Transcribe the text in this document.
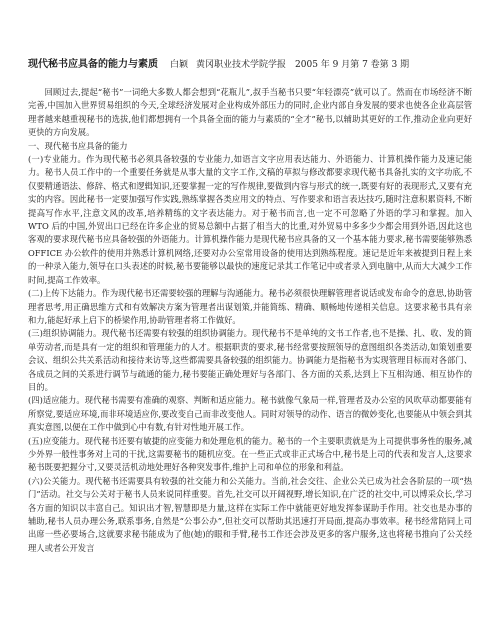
现代秘书应具备的能力与素质 白颖 黄冈职业技术学院学报　2005 年 9 月第 7 卷第 3 期

回顾过去,提起“秘书”一词绝大多数人都会想到“花瓶儿”,叔手当秘书只要“年轻漂亮”就可以了。然而在市场经济不断完善,中国加入世界贸易组织的今天,全球经济发展对企业构成外部压力的同时,企业内部自身发展的要求也使各企业高层管理者越来越重视秘书的选拔,他们都想拥有一个具备全面的能力与素质的“全才”秘书,以辅助其更好的工作,推动企业向更好更快的方向发展。

一、现代秘书应具备的能力

(一)专业能力。作为现代秘书必须具备较强的专业能力,如语言文字应用表达能力、外语能力、计算机操作能力及速记能力。秘书人员工作中的一个重要任务就是从事大量的文字工作,文稿的草拟与修改都要求现代秘书具备扎实的文字功底,不仅要精通语法、修辞、格式和逻辑知识,还要掌握一定的写作规律,要做到内容与形式的统一,既要有好的表现形式,又要有充实的内容。因此秘书一定要加强写作实践,熟练掌握各类应用文的特点、写作要求和语言表达技巧,随时注意积累资料,不断提高写作水平,注意文风的改革,培养精练的文字表达能力。对于秘书而言,也一定不可忽略了外语的学习和掌握。加入 WTO 后的中国,外贸出口已经在许多企业的贸易总额中占据了相当大的比重,对外贸易中多多少少都会用到外语,因此这也客观的要求现代秘书应具备较强的外语能力。计算机操作能力是现代秘书应具备的又一个基本能力要求,秘书需要能够熟悉 OFFICE 办公软件的使用并熟悉计算机网络,还要对办公室常用设备的使用达到熟练程度。速记是近年来被提到日程上来的一种录入能力,领导在口头表述的时候,秘书要能够以最快的速度记录其工作笔记中或者录入到电脑中,从而大大减少工作时间,提高工作效率。

(二)上传下达能力。作为现代秘书还需要较强的理解与沟通能力。秘书必须很快理解管理者说话或发布命令的意思,协助管理者思考,用正确思维方式和有效解决方案为管理者出谋划策,并能简练、精确、顺畅地传递相关信息。这要求秘书具有亲和力,能起好承上启下的桥梁作用,协助管理者将工作做好。

(三)组织协调能力。现代秘书还需要有较强的组织协调能力。现代秘书不是单纯的文书工作者,也不是操、扎、收、发的简单劳动者,而是具有一定的组织和管理能力的人才。根据职责的要求,秘书经常要按照领导的意图组织各类活动,如策划重要会议、组织公共关系活动和接待来访等,这些都需要具备较强的组织能力。协调能力是指秘书为实现管理目标而对各部门、各成员之间的关系进行调节与疏通的能力,秘书要能正确处理好与各部门、各方面的关系,达到上下互相沟通、相互协作的目的。

(四)适应能力。现代秘书需要有准确的观察、判断和适应能力。秘书就像气象局一样,管理者及办公室的风吹草动都要能有所察觉,要适应环境,而非环境适应你,要改变自己而非改变他人。同时对领导的动作、语言的微妙变化,也要能从中领会到其真实意图,以便在工作中做到心中有数,有针对性地开展工作。

(五)应变能力。现代秘书还要有敏捷的应变能力和处理危机的能力。秘书的一个主要职责就是为上司提供事务性的服务,减少外界一般性事务对上司的干扰,这需要秘书的随机应变。在一些正式或非正式场合中,秘书是上司的代表和发言人,这要求秘书既要把握分寸,又要灵活机动地处理好各种突发事件,维护上司和单位的形象和利益。

(六)公关能力。现代秘书还需要具有较强的社交能力和公关能力。当前,社会交往、企业公关已成为社会各阶层的一项“热门”活动。社交与公关对于秘书人员来说同样重要。首先,社交可以开阔视野,增长知识,在广泛的社交中,可以博采众长,学习各方面的知识以丰富自己。知识出才智,智慧即是力量,这样在实际工作中就能更好地发挥参谋助手作用。社交也是办事的辅助,秘书人员办理公务,联系事务,自然是“公事公办”,但社交可以帮助其迅速打开局面,提高办事效率。秘书经常陪同上司出席一些必要场合,这就要求秘书能成为了他(她)的眼和手臂,秘书工作还会涉及更多的客户服务,这也将秘书推向了公关经理人或者公开发言
